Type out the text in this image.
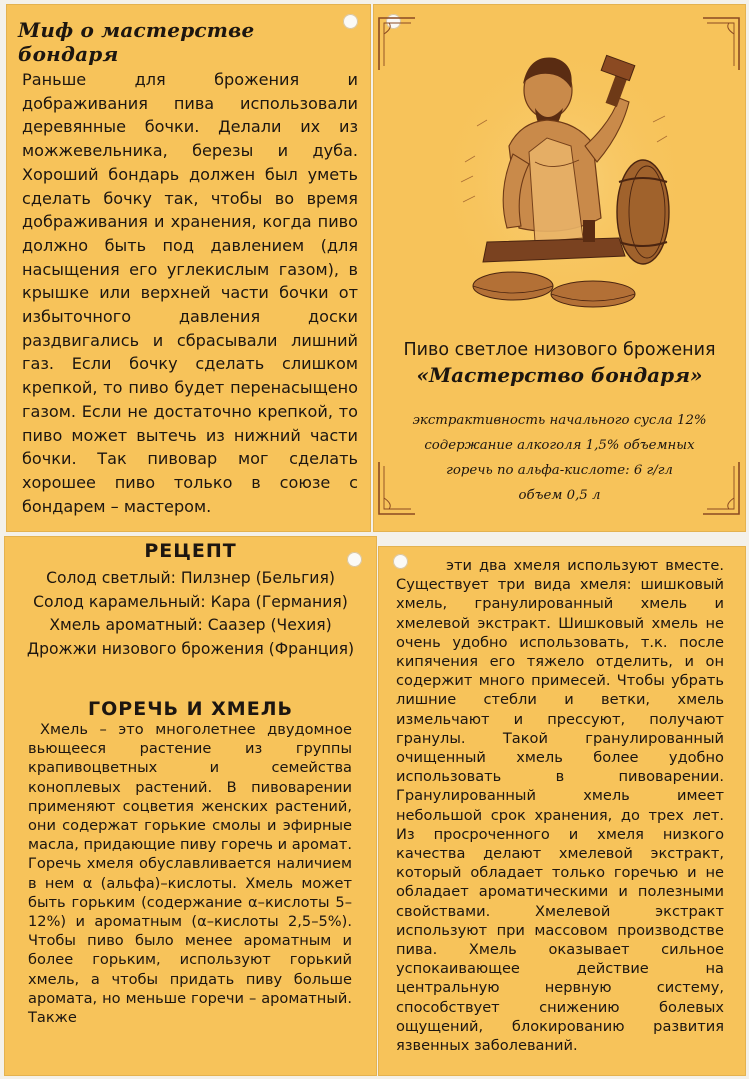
Миф о мастерстве бондаря
Раньше для брожения и дображивания пива использовали деревянные бочки. Делали их из можжевельника, березы и дуба. Хороший бондарь должен был уметь сделать бочку так, чтобы во время дображивания и хранения, когда пиво должно быть под давлением (для насыщения его углекислым газом), в крышке или верхней части бочки от избыточного давления доски раздвигались и сбрасывали лишний газ. Если бочку сделать слишком крепкой, то пиво будет перенасыщено газом. Если не достаточно крепкой, то пиво может вытечь из нижний части бочки. Так пивовар мог сделать хорошее пиво только в союзе с бондарем – мастером.
Пиво светлое низового брожения
«Мастерство бондаря»
экстрактивность начального сусла 12%
содержание алкоголя 1,5% объемных
горечь по альфа-кислоте: 6 г/гл
объем 0,5 л
РЕЦЕПТ
Солод светлый: Пилзнер (Бельгия)
Солод карамельный: Кара (Германия)
Хмель ароматный: Саазер (Чехия)
Дрожжи низового брожения (Франция)
ГОРЕЧЬ И ХМЕЛЬ
Хмель – это многолетнее двудомное вьющееся растение из группы крапивоцветных и семейства коноплевых растений. В пивоварении применяют соцветия женских растений, они содержат горькие смолы и эфирные масла, придающие пиву горечь и аромат. Горечь хмеля обуславливается наличием в нем α (альфа)–кислоты. Хмель может быть горьким (содержание α–кислоты 5–12%) и ароматным (α–кислоты 2,5–5%). Чтобы пиво было менее ароматным и более горьким, используют горький хмель, а чтобы придать пиву больше аромата, но меньше горечи – ароматный. Также
эти два хмеля используют вместе. Существует три вида хмеля: шишковый хмель, гранулированный хмель и хмелевой экстракт. Шишковый хмель не очень удобно использовать, т.к. после кипячения его тяжело отделить, и он содержит много примесей. Чтобы убрать лишние стебли и ветки, хмель измельчают и прессуют, получают гранулы. Такой гранулированный очищенный хмель более удобно использовать в пивоварении. Гранулированный хмель имеет небольшой срок хранения, до трех лет. Из просроченного и хмеля низкого качества делают хмелевой экстракт, который обладает только горечью и не обладает ароматическими и полезными свойствами. Хмелевой экстракт используют при массовом производстве пива. Хмель оказывает сильное успокаивающее действие на центральную нервную систему, способствует снижению болевых ощущений, блокированию развития язвенных заболеваний.
